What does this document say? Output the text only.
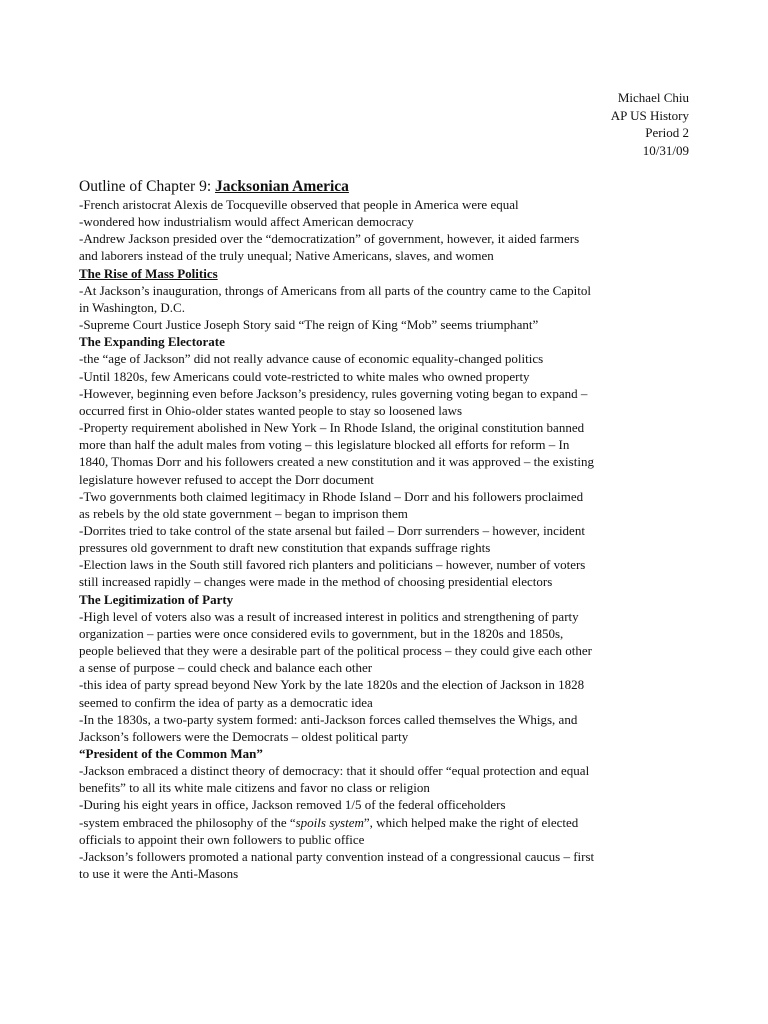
Michael Chiu
AP US History
Period 2
10/31/09
Outline of Chapter 9: Jacksonian America
-French aristocrat Alexis de Tocqueville observed that people in America were equal
-wondered how industrialism would affect American democracy
-Andrew Jackson presided over the “democratization” of government, however, it aided farmers
and laborers instead of the truly unequal; Native Americans, slaves, and women
The Rise of Mass Politics
-At Jackson’s inauguration, throngs of Americans from all parts of the country came to the Capitol
in Washington, D.C.
-Supreme Court Justice Joseph Story said “The reign of King “Mob” seems triumphant”
The Expanding Electorate
-the “age of Jackson” did not really advance cause of economic equality-changed politics
-Until 1820s, few Americans could vote-restricted to white males who owned property
-However, beginning even before Jackson’s presidency, rules governing voting began to expand –
occurred first in Ohio-older states wanted people to stay so loosened laws
-Property requirement abolished in New York – In Rhode Island, the original constitution banned
more than half the adult males from voting – this legislature blocked all efforts for reform – In
1840, Thomas Dorr and his followers created a new constitution and it was approved – the existing
legislature however refused to accept the Dorr document
-Two governments both claimed legitimacy in Rhode Island – Dorr and his followers proclaimed
as rebels by the old state government – began to imprison them
-Dorrites tried to take control of the state arsenal but failed – Dorr surrenders – however, incident
pressures old government to draft new constitution that expands suffrage rights
-Election laws in the South still favored rich planters and politicians – however, number of voters
still increased rapidly – changes were made in the method of choosing presidential electors
The Legitimization of Party
-High level of voters also was a result of increased interest in politics and strengthening of party
organization – parties were once considered evils to government, but in the 1820s and 1850s,
people believed that they were a desirable part of the political process – they could give each other
a sense of purpose – could check and balance each other
-this idea of party spread beyond New York by the late 1820s and the election of Jackson in 1828
seemed to confirm the idea of party as a democratic idea
-In the 1830s, a two-party system formed: anti-Jackson forces called themselves the Whigs, and
Jackson’s followers were the Democrats – oldest political party
“President of the Common Man”
-Jackson embraced a distinct theory of democracy: that it should offer “equal protection and equal
benefits” to all its white male citizens and favor no class or religion
-During his eight years in office, Jackson removed 1/5 of the federal officeholders
-system embraced the philosophy of the “spoils system”, which helped make the right of elected
officials to appoint their own followers to public office
-Jackson’s followers promoted a national party convention instead of a congressional caucus – first
to use it were the Anti-Masons
